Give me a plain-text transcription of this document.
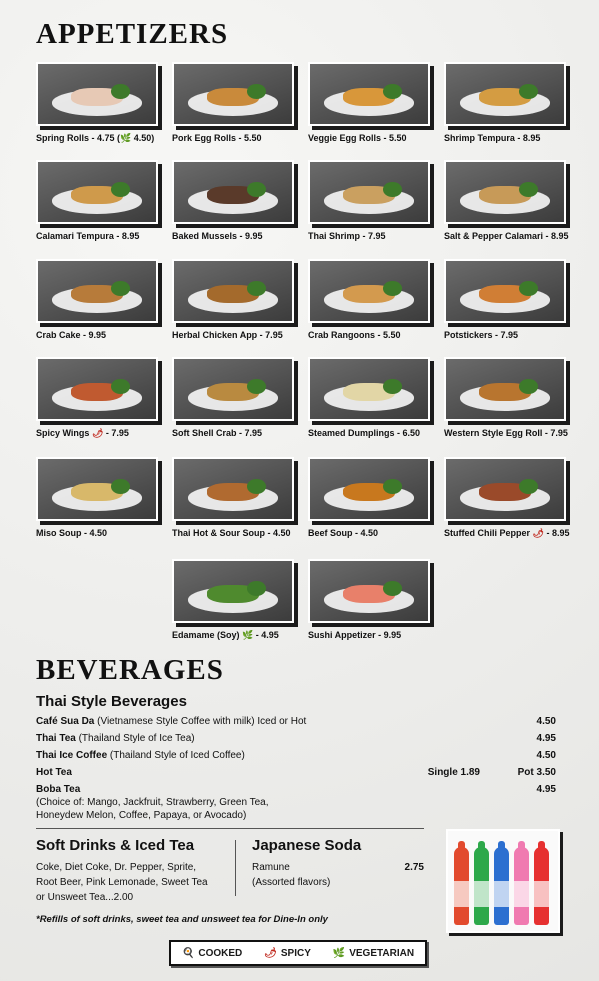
APPETIZERS
Spring Rolls - 4.75 (🌿 4.50)	Pork Egg Rolls - 5.50	Veggie Egg Rolls - 5.50	Shrimp Tempura - 8.95
Calamari Tempura - 8.95	Baked Mussels - 9.95	Thai Shrimp - 7.95	Salt & Pepper Calamari - 8.95
Crab Cake - 9.95	Herbal Chicken App - 7.95	Crab Rangoons - 5.50	Potstickers - 7.95
Spicy Wings 🌶 - 7.95	Soft Shell Crab - 7.95	Steamed Dumplings - 6.50	Western Style Egg Roll - 7.95
Miso Soup - 4.50	Thai Hot & Sour Soup - 4.50	Beef Soup - 4.50	Stuffed Chili Pepper 🌶 - 8.95
Edamame (Soy) 🌿 - 4.95	Sushi Appetizer - 9.95
BEVERAGES

Thai Style Beverages

Café Sua Da (Vietnamese Style Coffee with milk) Iced or Hot	4.50
Thai Tea (Thailand Style of Ice Tea)	4.95
Thai Ice Coffee (Thailand Style of Iced Coffee)	4.50
Hot Tea	Single 1.89	Pot 3.50
Boba Tea	4.95
(Choice of: Mango, Jackfruit, Strawberry, Green Tea,
Honeydew Melon, Coffee, Papaya, or Avocado)

Soft Drinks & Iced Tea

Coke, Diet Coke, Dr. Pepper, Sprite,
Root Beer, Pink Lemonade, Sweet Tea
or Unsweet Tea...2.00

Japanese Soda

Ramune	2.75
(Assorted flavors)
*Refills of soft drinks, sweet tea and unsweet tea for Dine-In only
🍳 COOKED 🌶 SPICY 🌿 VEGETARIAN
